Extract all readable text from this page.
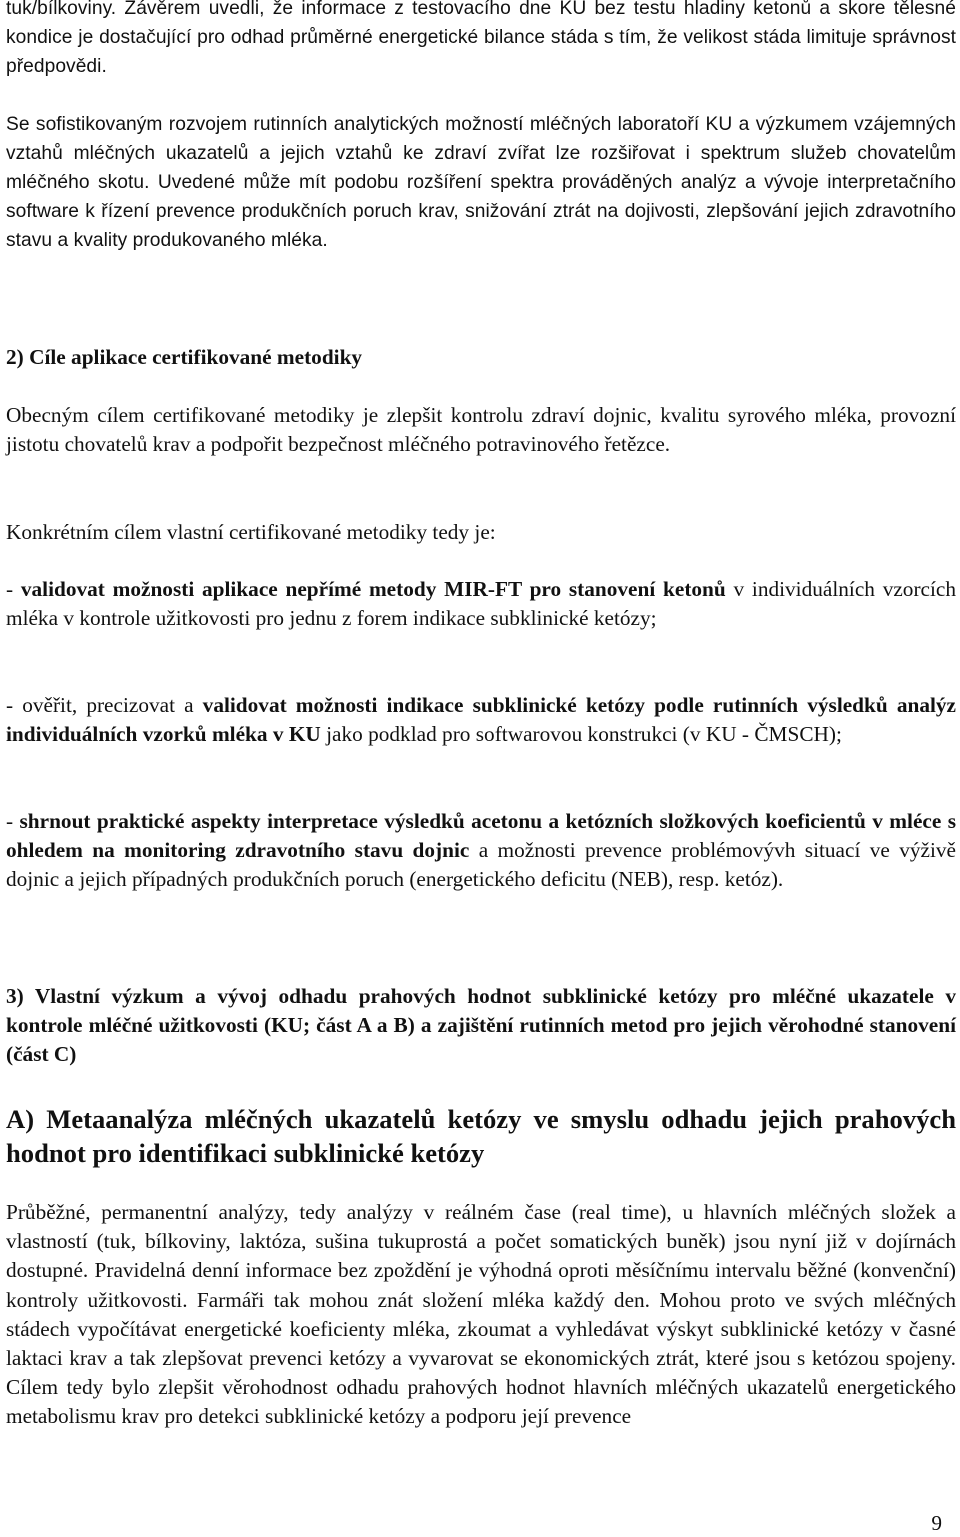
tuk/bílkoviny. Závěrem uvedli, že informace z testovacího dne KU bez testu hladiny ketonů a skore tělesné kondice je dostačující pro odhad průměrné energetické bilance stáda s tím, že velikost stáda limituje správnost předpovědi.

Se sofistikovaným rozvojem rutinních analytických možností mléčných laboratoří KU a výzkumem vzájemných vztahů mléčných ukazatelů a jejich vztahů ke zdraví zvířat lze rozšiřovat i spektrum služeb chovatelům mléčného skotu. Uvedené může mít podobu rozšíření spektra prováděných analýz a vývoje interpretačního software k řízení prevence produkčních poruch krav, snižování ztrát na dojivosti, zlepšování jejich zdravotního stavu a kvality produkovaného mléka.

2) Cíle aplikace certifikované metodiky

Obecným cílem certifikované metodiky je zlepšit kontrolu zdraví dojnic, kvalitu syrového mléka, provozní jistotu chovatelů krav a podpořit bezpečnost mléčného potravinového řetězce.

Konkrétním cílem vlastní certifikované metodiky tedy je:

- validovat možnosti aplikace nepřímé metody MIR-FT pro stanovení ketonů v individuálních vzorcích mléka v kontrole užitkovosti pro jednu z forem indikace subklinické ketózy;

- ověřit, precizovat a validovat možnosti indikace subklinické ketózy podle rutinních výsledků analýz individuálních vzorků mléka v KU jako podklad pro softwarovou konstrukci (v KU - ČMSCH);

- shrnout praktické aspekty interpretace výsledků acetonu a ketózních složkových koeficientů v mléce s ohledem na monitoring zdravotního stavu dojnic a možnosti prevence problémovývh situací ve výživě dojnic a jejich případných produkčních poruch (energetického deficitu (NEB), resp. ketóz).

3) Vlastní výzkum a vývoj odhadu prahových hodnot subklinické ketózy pro mléčné ukazatele v kontrole mléčné užitkovosti (KU; část A a B) a zajištění rutinních metod pro jejich věrohodné stanovení (část C)

A) Metaanalýza mléčných ukazatelů ketózy ve smyslu odhadu jejich prahových hodnot pro identifikaci subklinické ketózy

Průběžné, permanentní analýzy, tedy analýzy v reálném čase (real time), u hlavních mléčných složek a vlastností (tuk, bílkoviny, laktóza, sušina tukuprostá a počet somatických buněk) jsou nyní již v dojírnách dostupné. Pravidelná denní informace bez zpoždění je výhodná oproti měsíčnímu intervalu běžné (konvenční) kontroly užitkovosti. Farmáři tak mohou znát složení mléka každý den. Mohou proto ve svých mléčných stádech vypočítávat energetické koeficienty mléka, zkoumat a vyhledávat výskyt subklinické ketózy v časné laktaci krav a tak zlepšovat prevenci ketózy a vyvarovat se ekonomických ztrát, které jsou s ketózou spojeny. Cílem tedy bylo zlepšit věrohodnost odhadu prahových hodnot hlavních mléčných ukazatelů energetického metabolismu krav pro detekci subklinické ketózy a podporu její prevence

9
